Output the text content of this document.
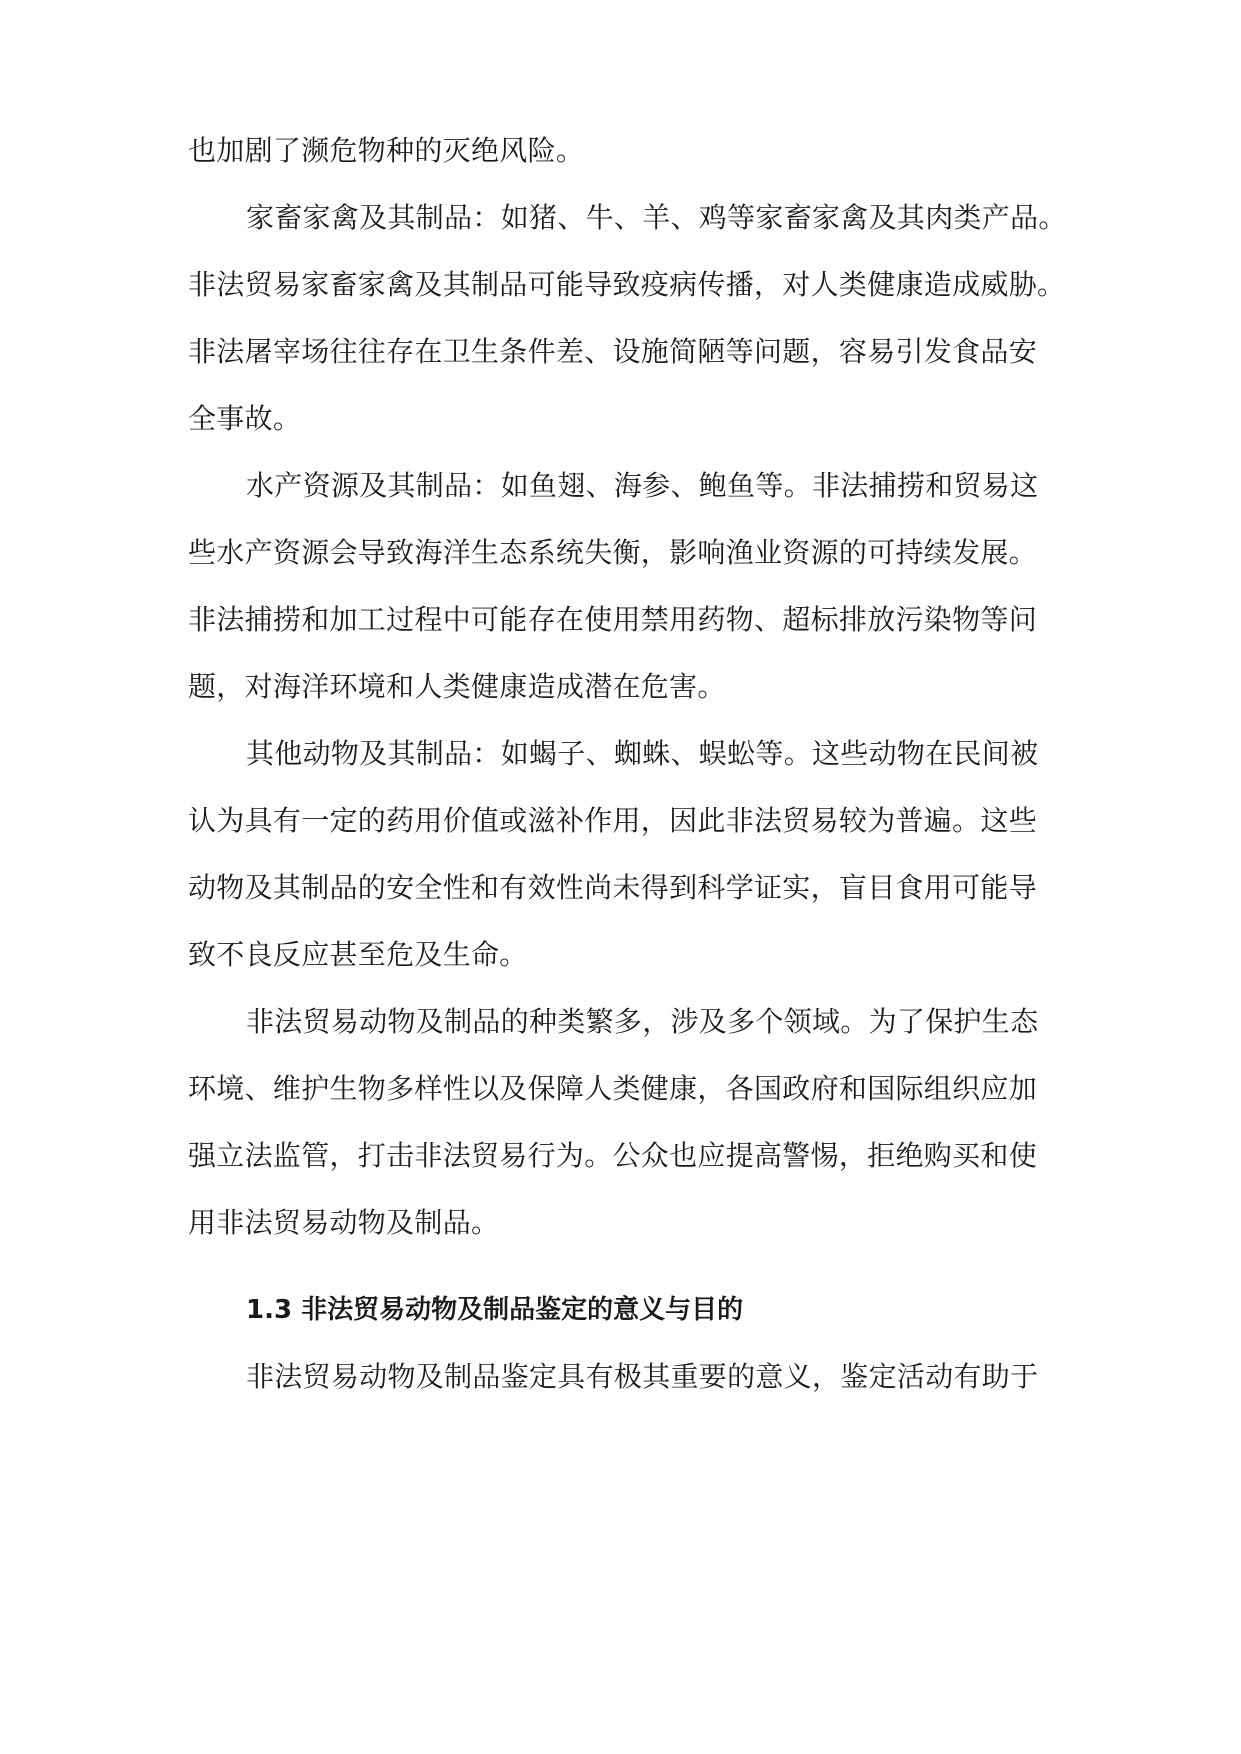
也加剧了濒危物种的灭绝风险。
家畜家禽及其制品：如猪、牛、羊、鸡等家畜家禽及其肉类产品。
非法贸易家畜家禽及其制品可能导致疫病传播，对人类健康造成威胁。
非法屠宰场往往存在卫生条件差、设施简陋等问题，容易引发食品安
全事故。
水产资源及其制品：如鱼翅、海参、鲍鱼等。非法捕捞和贸易这
些水产资源会导致海洋生态系统失衡，影响渔业资源的可持续发展。
非法捕捞和加工过程中可能存在使用禁用药物、超标排放污染物等问
题，对海洋环境和人类健康造成潜在危害。
其他动物及其制品：如蝎子、蜘蛛、蜈蚣等。这些动物在民间被
认为具有一定的药用价值或滋补作用，因此非法贸易较为普遍。这些
动物及其制品的安全性和有效性尚未得到科学证实，盲目食用可能导
致不良反应甚至危及生命。
非法贸易动物及制品的种类繁多，涉及多个领域。为了保护生态
环境、维护生物多样性以及保障人类健康，各国政府和国际组织应加
强立法监管，打击非法贸易行为。公众也应提高警惕，拒绝购买和使
用非法贸易动物及制品。
1.3 非法贸易动物及制品鉴定的意义与目的
非法贸易动物及制品鉴定具有极其重要的意义，鉴定活动有助于
